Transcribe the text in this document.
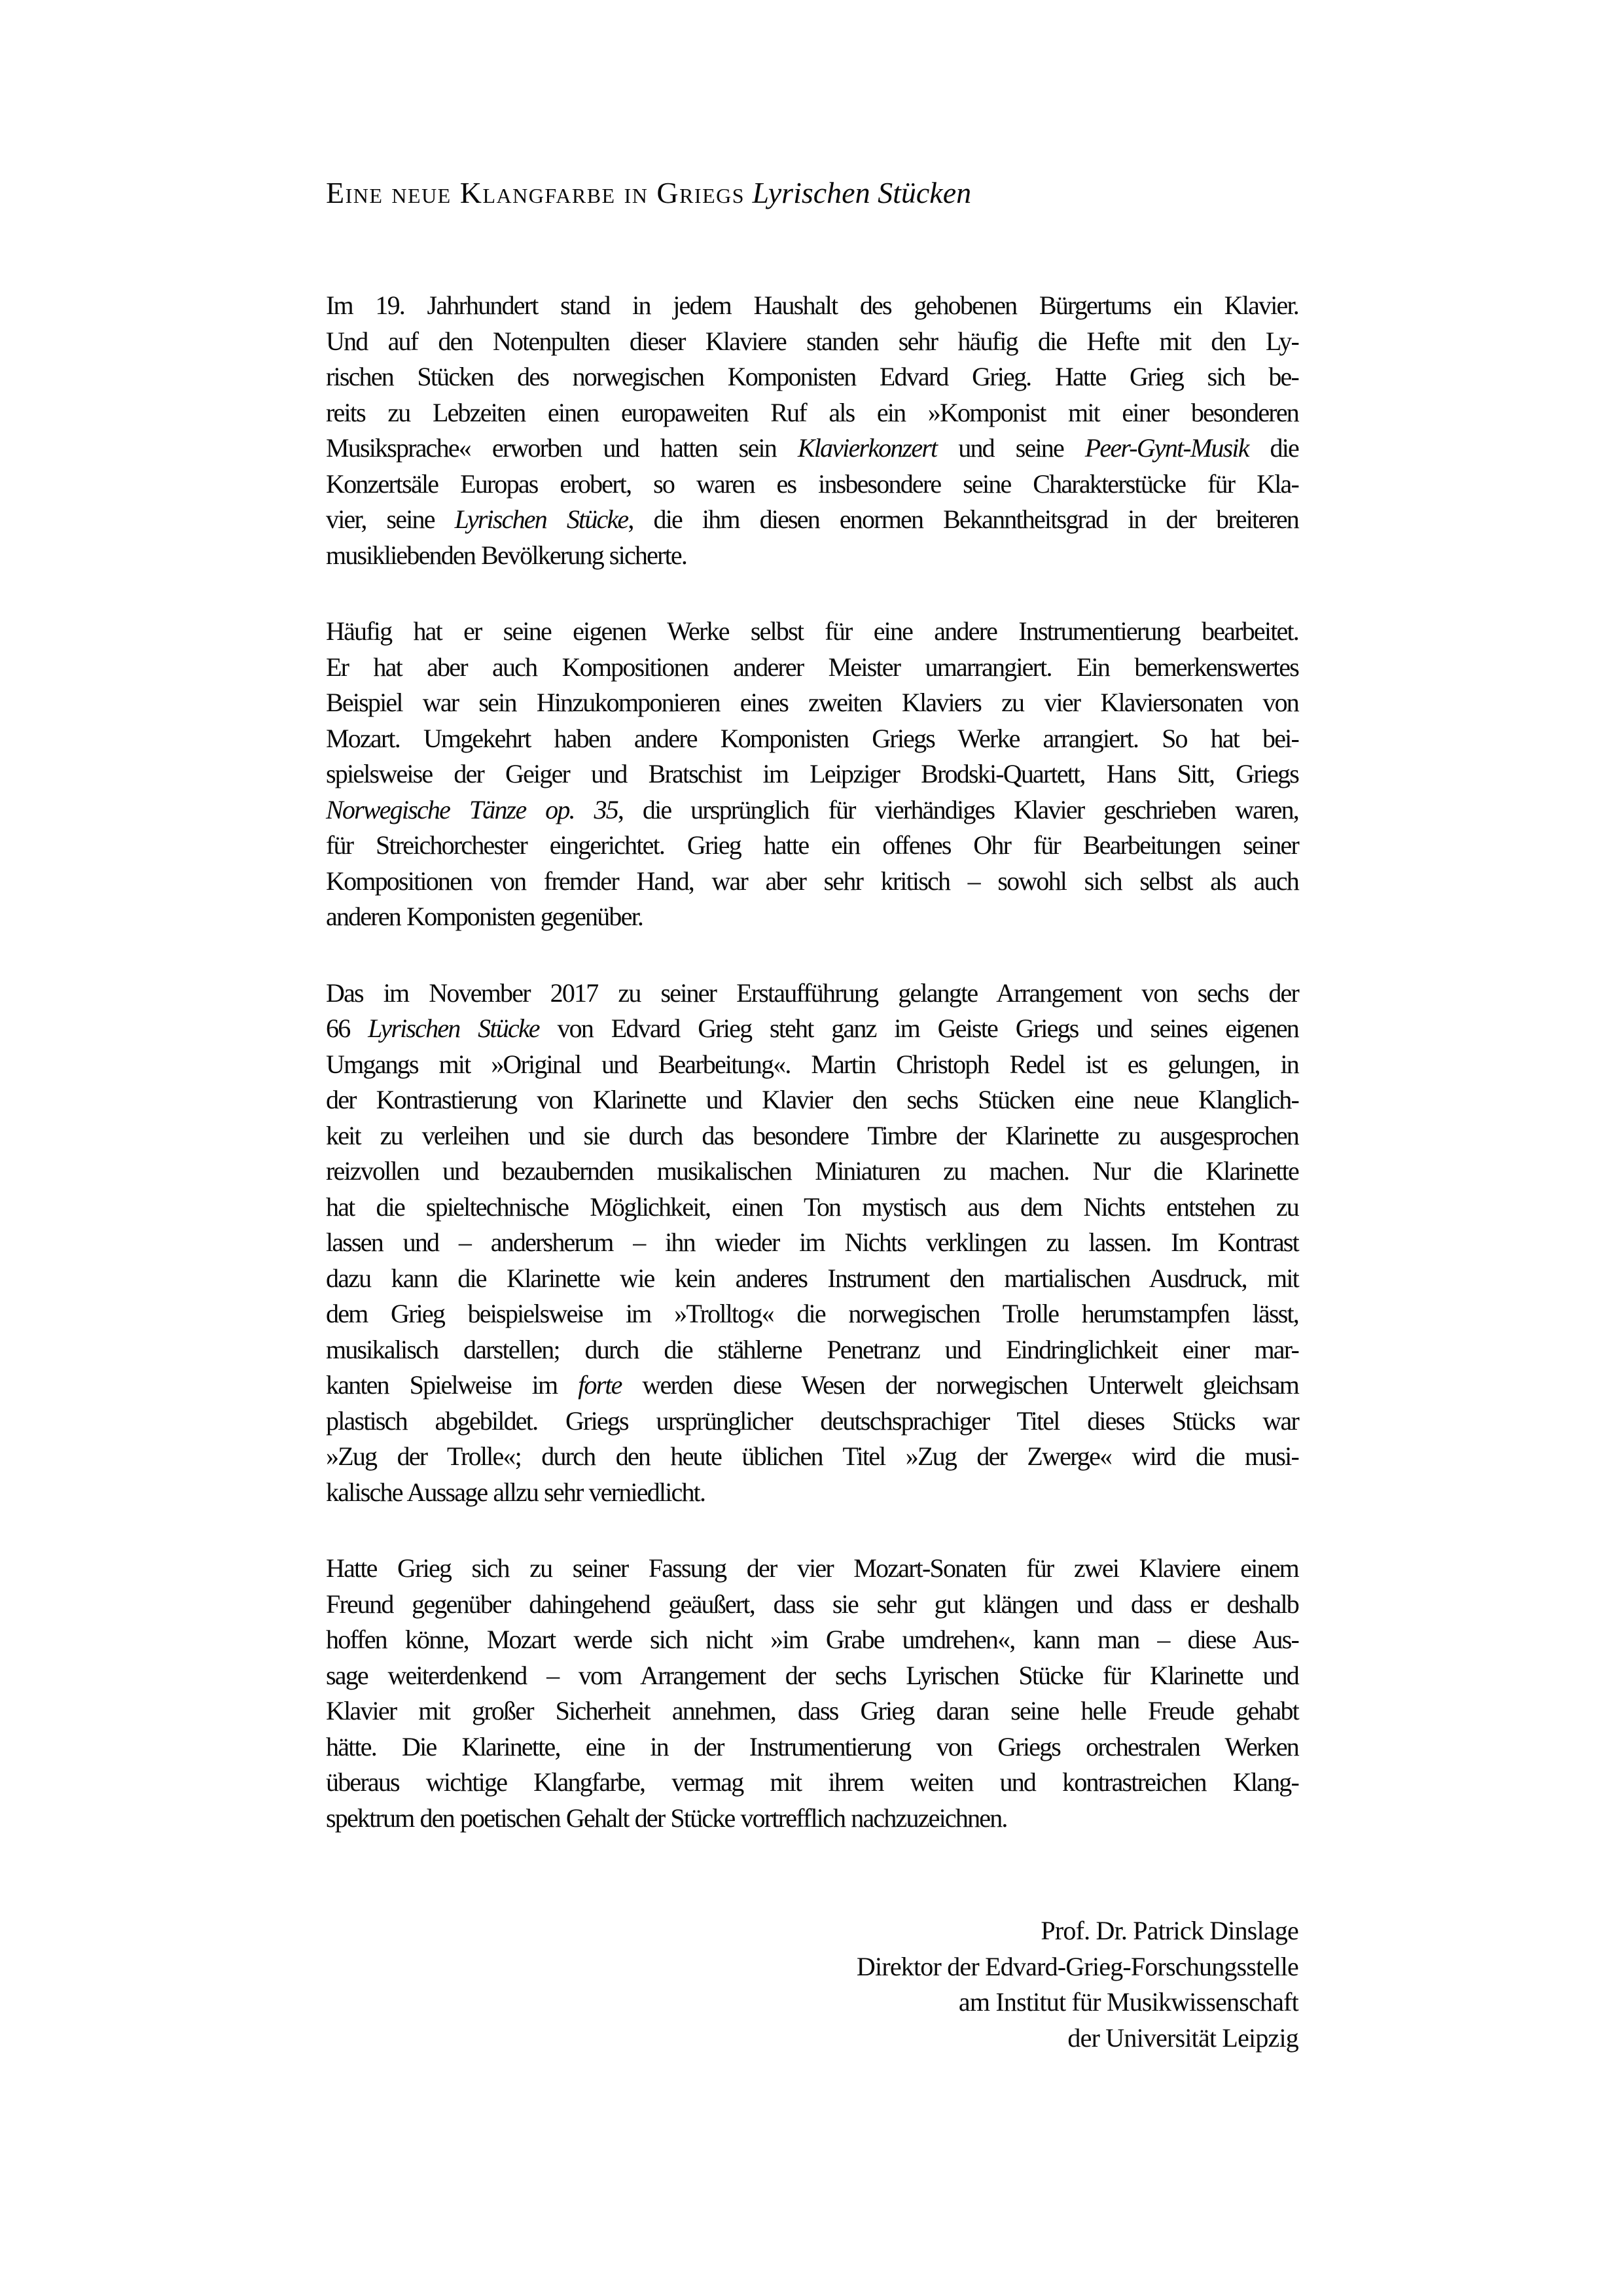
Eine neue Klangfarbe in Griegs Lyrischen Stücken
Im 19. Jahrhundert stand in jedem Haushalt des gehobenen Bürgertums ein Klavier.
Und auf den Notenpulten dieser Klaviere standen sehr häufig die Hefte mit den Ly-
rischen Stücken des norwegischen Komponisten Edvard Grieg. Hatte Grieg sich be-
reits zu Lebzeiten einen europaweiten Ruf als ein »Komponist mit einer besonderen
Musiksprache« erworben und hatten sein Klavierkonzert und seine Peer-Gynt-Musik die
Konzertsäle Europas erobert, so waren es insbesondere seine Charakterstücke für Kla-
vier, seine Lyrischen Stücke, die ihm diesen enormen Bekanntheitsgrad in der breiteren
musikliebenden Bevölkerung sicherte.
Häufig hat er seine eigenen Werke selbst für eine andere Instrumentierung bearbeitet.
Er hat aber auch Kompositionen anderer Meister umarrangiert. Ein bemerkenswertes
Beispiel war sein Hinzukomponieren eines zweiten Klaviers zu vier Klaviersonaten von
Mozart. Umgekehrt haben andere Komponisten Griegs Werke arrangiert. So hat bei-
spielsweise der Geiger und Bratschist im Leipziger Brodski-Quartett, Hans Sitt, Griegs
Norwegische Tänze op. 35, die ursprünglich für vierhändiges Klavier geschrieben waren,
für Streichorchester eingerichtet. Grieg hatte ein offenes Ohr für Bearbeitungen seiner
Kompositionen von fremder Hand, war aber sehr kritisch – sowohl sich selbst als auch
anderen Komponisten gegenüber.
Das im November 2017 zu seiner Erstaufführung gelangte Arrangement von sechs der
66 Lyrischen Stücke von Edvard Grieg steht ganz im Geiste Griegs und seines eigenen
Umgangs mit »Original und Bearbeitung«. Martin Christoph Redel ist es gelungen, in
der Kontrastierung von Klarinette und Klavier den sechs Stücken eine neue Klanglich-
keit zu verleihen und sie durch das besondere Timbre der Klarinette zu ausgesprochen
reizvollen und bezaubernden musikalischen Miniaturen zu machen. Nur die Klarinette
hat die spieltechnische Möglichkeit, einen Ton mystisch aus dem Nichts entstehen zu
lassen und – andersherum – ihn wieder im Nichts verklingen zu lassen. Im Kontrast
dazu kann die Klarinette wie kein anderes Instrument den martialischen Ausdruck, mit
dem Grieg beispielsweise im »Trolltog« die norwegischen Trolle herumstampfen lässt,
musikalisch darstellen; durch die stählerne Penetranz und Eindringlichkeit einer mar-
kanten Spielweise im forte werden diese Wesen der norwegischen Unterwelt gleichsam
plastisch abgebildet. Griegs ursprünglicher deutschsprachiger Titel dieses Stücks war
»Zug der Trolle«; durch den heute üblichen Titel »Zug der Zwerge« wird die musi-
kalische Aussage allzu sehr verniedlicht.
Hatte Grieg sich zu seiner Fassung der vier Mozart-Sonaten für zwei Klaviere einem
Freund gegenüber dahingehend geäußert, dass sie sehr gut klängen und dass er deshalb
hoffen könne, Mozart werde sich nicht »im Grabe umdrehen«, kann man – diese Aus-
sage weiterdenkend – vom Arrangement der sechs Lyrischen Stücke für Klarinette und
Klavier mit großer Sicherheit annehmen, dass Grieg daran seine helle Freude gehabt
hätte. Die Klarinette, eine in der Instrumentierung von Griegs orchestralen Werken
überaus wichtige Klangfarbe, vermag mit ihrem weiten und kontrastreichen Klang-
spektrum den poetischen Gehalt der Stücke vortrefflich nachzuzeichnen.
Prof. Dr. Patrick Dinslage
Direktor der Edvard-Grieg-Forschungsstelle
am Institut für Musikwissenschaft
der Universität Leipzig
